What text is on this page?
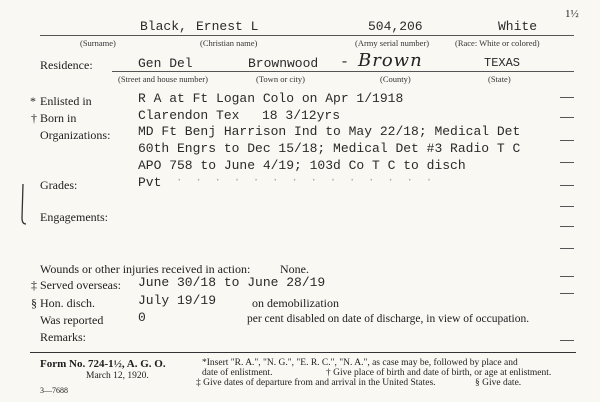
1½
Black, Ernest L	504,206	White
(Surname)	(Christian name)	(Army serial number)	(Race: White or colored)
Residence:	Gen Del	Brownwood - Brown	TEXAS
(Street and house number)	(Town or city)	(County)	(State)
* Enlisted in	R A at Ft Logan Colo on Apr 1/1918
† Born in	Clarendon Tex 18 3/12yrs
Organizations: MD Ft Benj Harrison Ind to May 22/18; Medical Det
60th Engrs to Dec 15/18; Medical Det #3 Radio T C
APO 758 to June 4/19; 103d Co T C to disch
Grades:	Pvt · · · · · · · · · · · · · ·
Engagements:
Wounds or other injuries received in action: None.
‡ Served overseas: June 30/18 to June 28/19
§ Hon. disch.	July 19/19	on demobilization
Was reported	0	per cent disabled on date of discharge, in view of occupation.
Remarks:
Form No. 724-1½, A. G. O.
March 12, 1920.
3—7688
*Insert "R. A.", "N. G.", "E. R. C.", "N. A.", as case may be, followed by place and
date of enlistment.	† Give place of birth and date of birth, or age at enlistment.
‡ Give dates of departure from and arrival in the United States.	§ Give date.
